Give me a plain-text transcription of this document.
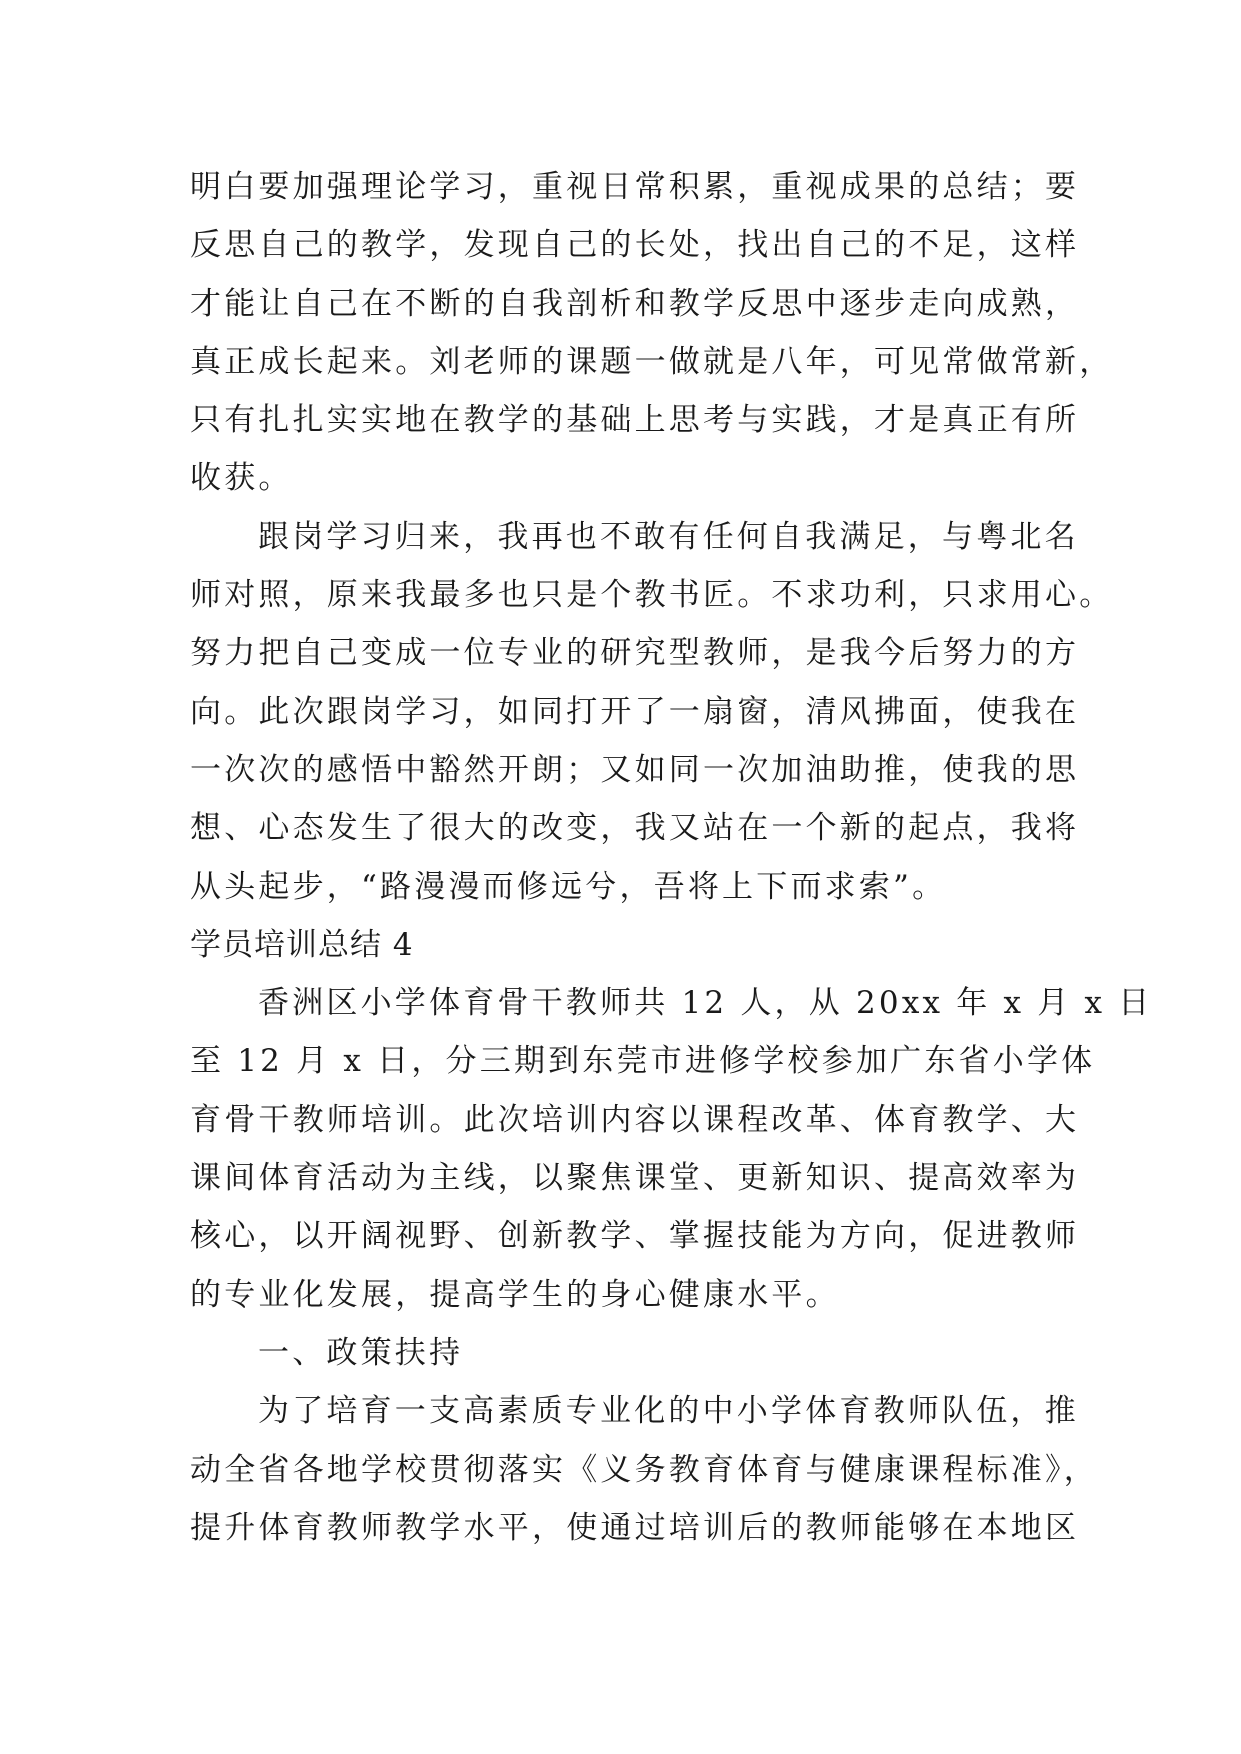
明白要加强理论学习，重视日常积累，重视成果的总结；要
反思自己的教学，发现自己的长处，找出自己的不足，这样
才能让自己在不断的自我剖析和教学反思中逐步走向成熟，
真正成长起来。刘老师的课题一做就是八年，可见常做常新，
只有扎扎实实地在教学的基础上思考与实践，才是真正有所
收获。
跟岗学习归来，我再也不敢有任何自我满足，与粤北名
师对照，原来我最多也只是个教书匠。不求功利，只求用心。
努力把自己变成一位专业的研究型教师，是我今后努力的方
向。此次跟岗学习，如同打开了一扇窗，清风拂面，使我在
一次次的感悟中豁然开朗；又如同一次加油助推，使我的思
想、心态发生了很大的改变，我又站在一个新的起点，我将
从头起步，“路漫漫而修远兮，吾将上下而求索”。
学员培训总结 4
香洲区小学体育骨干教师共 12 人，从 20xx 年 x 月 x 日
至 12 月 x 日，分三期到东莞市进修学校参加广东省小学体
育骨干教师培训。此次培训内容以课程改革、体育教学、大
课间体育活动为主线，以聚焦课堂、更新知识、提高效率为
核心，以开阔视野、创新教学、掌握技能为方向，促进教师
的专业化发展，提高学生的身心健康水平。
一、政策扶持
为了培育一支高素质专业化的中小学体育教师队伍，推
动全省各地学校贯彻落实《义务教育体育与健康课程标准》，
提升体育教师教学水平，使通过培训后的教师能够在本地区
